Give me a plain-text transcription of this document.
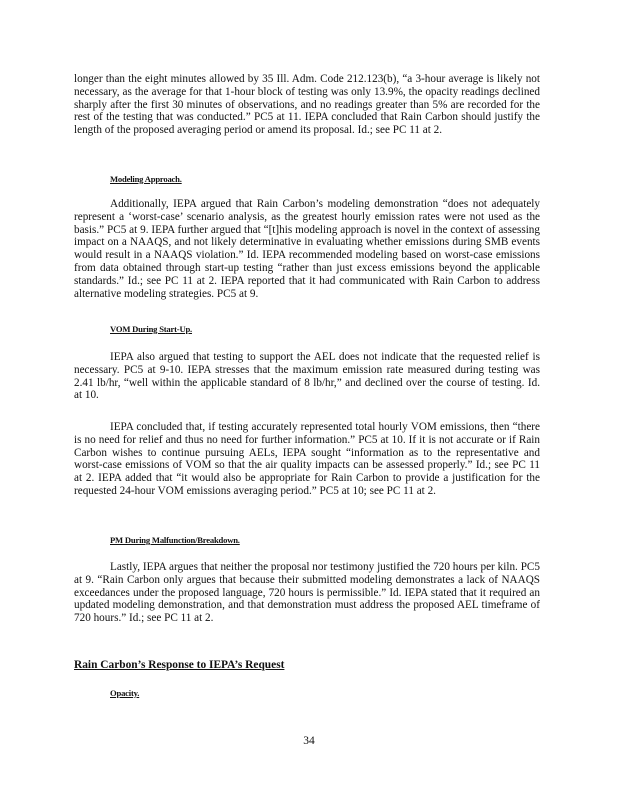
longer than the eight minutes allowed by 35 Ill. Adm. Code 212.123(b), “a 3-hour average is likely not necessary, as the average for that 1-hour block of testing was only 13.9%, the opacity readings declined sharply after the first 30 minutes of observations, and no readings greater than 5% are recorded for the rest of the testing that was conducted.” PC5 at 11. IEPA concluded that Rain Carbon should justify the length of the proposed averaging period or amend its proposal. Id.; see PC 11 at 2.

Modeling Approach.

Additionally, IEPA argued that Rain Carbon’s modeling demonstration “does not adequately represent a ‘worst-case’ scenario analysis, as the greatest hourly emission rates were not used as the basis.” PC5 at 9. IEPA further argued that “[t]his modeling approach is novel in the context of assessing impact on a NAAQS, and not likely determinative in evaluating whether emissions during SMB events would result in a NAAQS violation.” Id. IEPA recommended modeling based on worst-case emissions from data obtained through start-up testing “rather than just excess emissions beyond the applicable standards.” Id.; see PC 11 at 2. IEPA reported that it had communicated with Rain Carbon to address alternative modeling strategies. PC5 at 9.

VOM During Start-Up.

IEPA also argued that testing to support the AEL does not indicate that the requested relief is necessary. PC5 at 9-10. IEPA stresses that the maximum emission rate measured during testing was 2.41 lb/hr, “well within the applicable standard of 8 lb/hr,” and declined over the course of testing. Id. at 10.

IEPA concluded that, if testing accurately represented total hourly VOM emissions, then “there is no need for relief and thus no need for further information.” PC5 at 10. If it is not accurate or if Rain Carbon wishes to continue pursuing AELs, IEPA sought “information as to the representative and worst-case emissions of VOM so that the air quality impacts can be assessed properly.” Id.; see PC 11 at 2. IEPA added that “it would also be appropriate for Rain Carbon to provide a justification for the requested 24-hour VOM emissions averaging period.” PC5 at 10; see PC 11 at 2.

PM During Malfunction/Breakdown.

Lastly, IEPA argues that neither the proposal nor testimony justified the 720 hours per kiln. PC5 at 9. “Rain Carbon only argues that because their submitted modeling demonstrates a lack of NAAQS exceedances under the proposed language, 720 hours is permissible.” Id. IEPA stated that it required an updated modeling demonstration, and that demonstration must address the proposed AEL timeframe of 720 hours.” Id.; see PC 11 at 2.

Rain Carbon’s Response to IEPA’s Request
Opacity.
34
